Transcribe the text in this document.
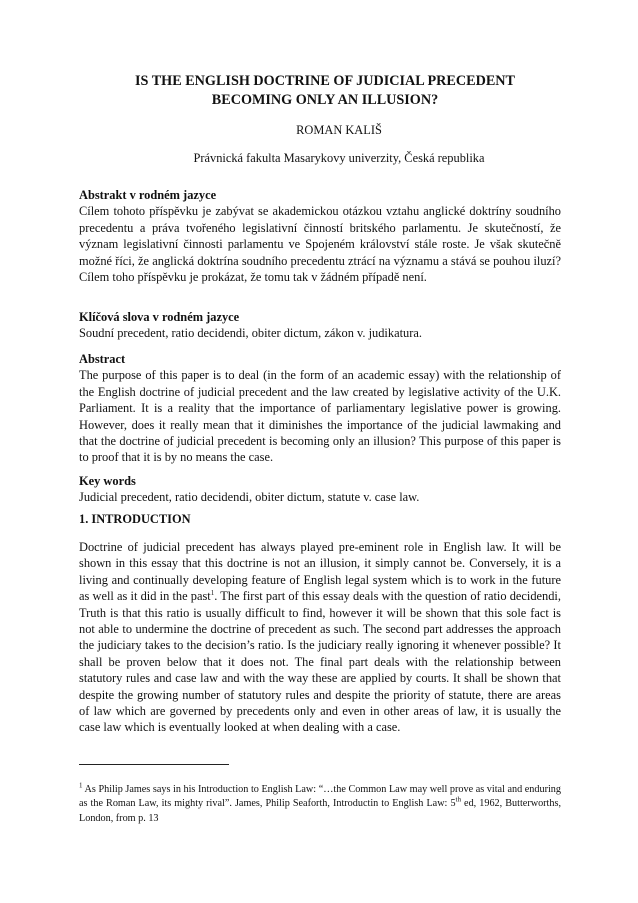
IS THE ENGLISH DOCTRINE OF JUDICIAL PRECEDENT
BECOMING ONLY AN ILLUSION?
ROMAN KALIŠ
Právnická fakulta Masarykovy univerzity, Česká republika
Abstrakt v rodném jazyce

Cílem tohoto příspěvku je zabývat se akademickou otázkou vztahu anglické doktríny soudního precedentu a práva tvořeného legislativní činností britského parlamentu. Je skutečností, že význam legislativní činnosti parlamentu ve Spojeném království stále roste. Je však skutečně možné říci, že anglická doktrína soudního precedentu ztrácí na významu a stává se pouhou iluzí? Cílem toho příspěvku je prokázat, že tomu tak v žádném případě není.

Klíčová slova v rodném jazyce

Soudní precedent, ratio decidendi, obiter dictum, zákon v. judikatura.

Abstract

The purpose of this paper is to deal (in the form of an academic essay) with the relationship of the English doctrine of judicial precedent and the law created by legislative activity of the U.K. Parliament. It is a reality that the importance of parliamentary legislative power is growing. However, does it really mean that it diminishes the importance of the judicial lawmaking and that the doctrine of judicial precedent is becoming only an illusion? This purpose of this paper is to proof that it is by no means the case.

Key words

Judicial precedent, ratio decidendi, obiter dictum, statute v. case law.

1. INTRODUCTION

Doctrine of judicial precedent has always played pre-eminent role in English law. It will be shown in this essay that this doctrine is not an illusion, it simply cannot be. Conversely, it is a living and continually developing feature of English legal system which is to work in the future as well as it did in the past$^1$. The first part of this essay deals with the question of ratio decidendi, Truth is that this ratio is usually difficult to find, however it will be shown that this sole fact is not able to undermine the doctrine of precedent as such. The second part addresses the approach the judiciary takes to the decision’s ratio. Is the judiciary really ignoring it whenever possible? It shall be proven below that it does not. The final part deals with the relationship between statutory rules and case law and with the way these are applied by courts. It shall be shown that despite the growing number of statutory rules and despite the priority of statute, there are areas of law which are governed by precedents only and even in other areas of law, it is usually the case law which is eventually looked at when dealing with a case.

$^1$ As Philip James says in his Introduction to English Law: “…the Common Law may well prove as vital and enduring as the Roman Law, its mighty rival”. James, Philip Seaforth, Introductin to English Law: 5th ed, 1962, Butterworths, London, from p. 13
